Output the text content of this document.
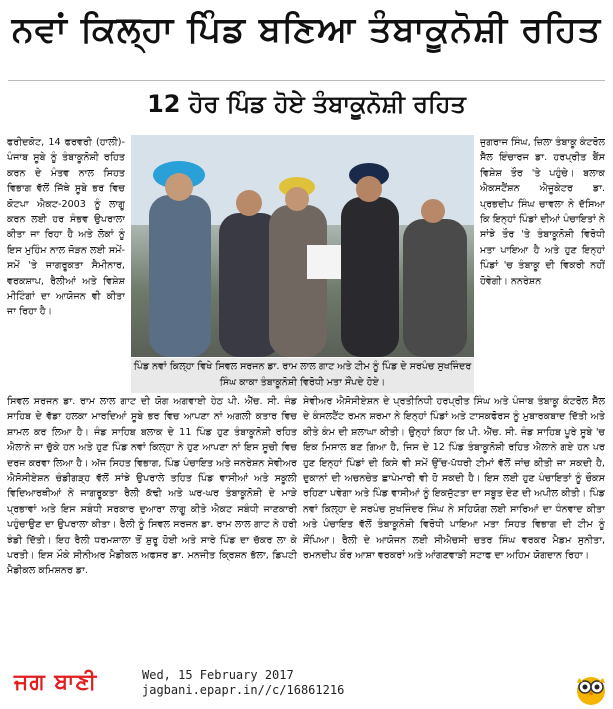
ਨਵਾਂ ਕਿਲ੍ਹਾ ਪਿੰਡ ਬਣਿਆ ਤੰਬਾਕੂਨੋਸ਼ੀ ਰਹਿਤ
12 ਹੋਰ ਪਿੰਡ ਹੋਏ ਤੰਬਾਕੂਨੋਸ਼ੀ ਰਹਿਤ

ਫਰੀਦਕੋਟ, 14 ਫਰਵਰੀ (ਹਾਲੀ)-ਪੰਜਾਬ ਸੂਬੇ ਨੂੰ ਤੰਬਾਕੂਨੋਸ਼ੀ ਰਹਿਤ ਕਰਨ ਦੇ ਮੰਤਵ ਨਾਲ ਸਿਹਤ ਵਿਭਾਗ ਵੱਲੋਂ ਜਿੱਥੇ ਸੂਬੇ ਭਰ ਵਿਚ ਕੋਟਪਾ ਐਕਟ-2003 ਨੂੰ ਲਾਗੂ ਕਰਨ ਲਈ ਹਰ ਸੰਭਵ ਉਪਰਾਲਾ ਕੀਤਾ ਜਾ ਰਿਹਾ ਹੈ ਅਤੇ ਲੋਕਾਂ ਨੂੰ ਇਸ ਮੁਹਿੰਮ ਨਾਲ ਜੋੜਨ ਲਈ ਸਮੇਂ-ਸਮੇਂ 'ਤੇ ਜਾਗਰੂਕਤਾ ਸੈਮੀਨਾਰ, ਵਰਕਸ਼ਾਪ, ਰੈਲੀਆਂ ਅਤੇ ਵਿਸ਼ੇਸ਼ ਮੀਟਿੰਗਾਂ ਦਾ ਆਯੋਜਨ ਵੀ ਕੀਤਾ ਜਾ ਰਿਹਾ ਹੈ।

ਪਿੰਡ ਨਵਾਂ ਕਿਲ੍ਹਾ ਵਿਖੇ ਸਿਵਲ ਸਰਜਨ ਡਾ. ਰਾਮ ਲਾਲ ਗਾਟ ਅਤੇ ਟੀਮ ਨੂੰ ਪਿੰਡ ਦੇ ਸਰਪੰਚ ਸੁਖਜਿੰਦਰ ਸਿੰਘ ਕਾਕਾ ਤੰਬਾਕੂਨੋਸ਼ੀ ਵਿਰੋਧੀ ਮਤਾ ਸੌਂਪਦੇ ਹੋਏ।

ਜੁਗਰਾਜ ਸਿੰਘ, ਜ਼ਿਲਾ ਤੰਬਾਕੂ ਕੰਟਰੋਲ ਸੈੱਲ ਇੰਚਾਰਜ ਡਾ. ਹਰਪ੍ਰੀਤ ਬੈਂਸ ਵਿਸ਼ੇਸ਼ ਤੌਰ 'ਤੇ ਪਹੁੰਚੇ। ਬਲਾਕ ਐਕਸਟੈਂਸ਼ਨ ਐਜੂਕੇਟਰ ਡਾ. ਪ੍ਰਭਦੀਪ ਸਿੰਘ ਚਾਵਲਾ ਨੇ ਦੱਸਿਆ ਕਿ ਇਨ੍ਹਾਂ ਪਿੰਡਾਂ ਦੀਆਂ ਪੰਚਾਇਤਾਂ ਨੇ ਸਾਂਝੇ ਤੌਰ 'ਤੇ ਤੰਬਾਕੂਨੋਸ਼ੀ ਵਿਰੋਧੀ ਮਤਾ ਪਾਇਆ ਹੈ ਅਤੇ ਹੁਣ ਇਨ੍ਹਾਂ ਪਿੰਡਾਂ 'ਚ ਤੰਬਾਕੂ ਦੀ ਵਿਕਰੀ ਨਹੀਂ ਹੋਵੇਗੀ। ਨਨਰੇਸ਼ਨ

ਸਿਵਲ ਸਰਜਨ ਡਾ. ਰਾਮ ਲਾਲ ਗਾਟ ਦੀ ਯੋਗ ਅਗਵਾਈ ਹੇਠ ਪੀ. ਐੱਚ. ਸੀ. ਜੰਡ ਸਾਹਿਬ ਦੇ ਵੱਡਾ ਹਲਕਾ ਮਾਰਦਿਆਂ ਸੂਬੇ ਭਰ ਵਿਚ ਆਪਣਾ ਨਾਂ ਅਗਲੀ ਕਤਾਰ ਵਿਚ ਸ਼ਾਮਲ ਕਰ ਲਿਆ ਹੈ। ਜੰਡ ਸਾਹਿਬ ਬਲਾਕ ਦੇ 11 ਪਿੰਡ ਹੁਣ ਤੰਬਾਕੂਨੋਸ਼ੀ ਰਹਿਤ ਐਲਾਨੇ ਜਾ ਚੁੱਕੇ ਹਨ ਅਤੇ ਹੁਣ ਪਿੰਡ ਨਵਾਂ ਕਿਲ੍ਹਾ ਨੇ ਹੁਣ ਆਪਣਾ ਨਾਂ ਇਸ ਸੂਚੀ ਵਿਚ ਦਰਜ ਕਰਵਾ ਲਿਆ ਹੈ। ਅੱਜ ਸਿਹਤ ਵਿਭਾਗ, ਪਿੰਡ ਪੰਚਾਇਤ ਅਤੇ ਜਨਰੇਸ਼ਨ ਸੇਵੀਅਰ ਐਸੋਸੀਏਸ਼ਨ ਚੰਡੀਗੜ੍ਹ ਵੱਲੋਂ ਸਾਂਝੇ ਉਪਰਾਲੇ ਤਹਿਤ ਪਿੰਡ ਵਾਸੀਆਂ ਅਤੇ ਸਕੂਲੀ ਵਿਦਿਆਰਥੀਆਂ ਨੇ ਜਾਗਰੂਕਤਾ ਰੈਲੀ ਕੱਢੀ ਅਤੇ ਘਰ-ਘਰ ਤੰਬਾਕੂਨੋਸ਼ੀ ਦੇ ਮਾੜੇ ਪ੍ਰਭਾਵਾਂ ਅਤੇ ਇਸ ਸਬੰਧੀ ਸਰਕਾਰ ਦੁਆਰਾ ਲਾਗੂ ਕੀਤੇ ਐਕਟ ਸਬੰਧੀ ਜਾਣਕਾਰੀ ਪਹੁੰਚਾਉਣ ਦਾ ਉਪਰਾਲਾ ਕੀਤਾ। ਰੈਲੀ ਨੂੰ ਸਿਵਲ ਸਰਜਨ ਡਾ. ਰਾਮ ਲਾਲ ਗਾਟ ਨੇ ਹਰੀ ਝੰਡੀ ਦਿੱਤੀ। ਇਹ ਰੈਲੀ ਧਰਮਸ਼ਾਲਾ ਤੋਂ ਸ਼ੁਰੂ ਹੋਈ ਅਤੇ ਸਾਰੇ ਪਿੰਡ ਦਾ ਚੱਕਰ ਲਾ ਕੇ ਪਰਤੀ। ਇਸ ਮੌਕੇ ਸੀਨੀਅਰ ਮੈਡੀਕਲ ਅਫਸਰ ਡਾ. ਮਨਜੀਤ ਕ੍ਰਿਸ਼ਨ ਭੱਲਾ, ਡਿਪਟੀ ਮੈਡੀਕਲ ਕਮਿਸ਼ਨਰ ਡਾ.

ਸੇਵੀਅਰ ਐਸੋਸੀਏਸ਼ਨ ਦੇ ਪ੍ਰਤੀਨਿਧੀ ਹਰਪ੍ਰੀਤ ਸਿੰਘ ਅਤੇ ਪੰਜਾਬ ਤੰਬਾਕੂ ਕੰਟਰੋਲ ਸੈੱਲ ਦੇ ਕੰਸਲਟੈਂਟ ਰਮਨ ਸ਼ਰਮਾ ਨੇ ਇਨ੍ਹਾਂ ਪਿੰਡਾਂ ਅਤੇ ਟਾਸਕਫੋਰਸ ਨੂੰ ਮੁਬਾਰਕਬਾਦ ਦਿੱਤੀ ਅਤੇ ਕੀਤੇ ਕੰਮ ਦੀ ਸ਼ਲਾਘਾ ਕੀਤੀ। ਉਨ੍ਹਾਂ ਕਿਹਾ ਕਿ ਪੀ. ਐੱਚ. ਸੀ. ਜੰਡ ਸਾਹਿਬ ਪੂਰੇ ਸੂਬੇ 'ਚ ਇਕ ਮਿਸਾਲ ਬਣ ਗਿਆ ਹੈ, ਜਿਸ ਦੇ 12 ਪਿੰਡ ਤੰਬਾਕੂਨੋਸ਼ੀ ਰਹਿਤ ਐਲਾਨੇ ਗਏ ਹਨ ਪਰ ਹੁਣ ਇਨ੍ਹਾਂ ਪਿੰਡਾਂ ਦੀ ਕਿਸੇ ਵੀ ਸਮੇਂ ਉੱਚ-ਪੱਧਰੀ ਟੀਮਾਂ ਵੱਲੋਂ ਜਾਂਚ ਕੀਤੀ ਜਾ ਸਕਦੀ ਹੈ, ਦੁਕਾਨਾਂ ਦੀ ਅਚਨਚੇਤ ਛਾਪੇਮਾਰੀ ਵੀ ਹੋ ਸਕਦੀ ਹੈ। ਇਸ ਲਈ ਹੁਣ ਪੰਚਾਇਤਾਂ ਨੂੰ ਚੌਕਸ ਰਹਿਣਾ ਪਵੇਗਾ ਅਤੇ ਪਿੰਡ ਵਾਸੀਆਂ ਨੂੰ ਇਕਜੁੱਟਤਾ ਦਾ ਸਬੂਤ ਦੇਣ ਦੀ ਅਪੀਲ ਕੀਤੀ। ਪਿੰਡ ਨਵਾਂ ਕਿਲ੍ਹਾ ਦੇ ਸਰਪੰਚ ਸੁਖਜਿੰਦਰ ਸਿੰਘ ਨੇ ਸਹਿਯੋਗ ਲਈ ਸਾਰਿਆਂ ਦਾ ਧੰਨਵਾਦ ਕੀਤਾ ਅਤੇ ਪੰਚਾਇਤ ਵੱਲੋਂ ਤੰਬਾਕੂਨੋਸ਼ੀ ਵਿਰੋਧੀ ਪਾਇਆ ਮਤਾ ਸਿਹਤ ਵਿਭਾਗ ਦੀ ਟੀਮ ਨੂੰ ਸੌਂਪਿਆ। ਰੈਲੀ ਦੇ ਆਯੋਜਨ ਲਈ ਸੀਐਚਸੀ ਚਤਰ ਸਿੰਘ ਵਰਕਰ ਮੈਡਮ ਸੁਨੀਤਾ, ਰਮਨਦੀਪ ਕੌਰ ਆਸ਼ਾ ਵਰਕਰਾਂ ਅਤੇ ਆਂਗਣਵਾੜੀ ਸਟਾਫ ਦਾ ਅਹਿਮ ਯੋਗਦਾਨ ਰਿਹਾ।

ਜਗ ਬਾਣੀ	Wed, 15 February 2017
jagbani.epapr.in//c/16861216
